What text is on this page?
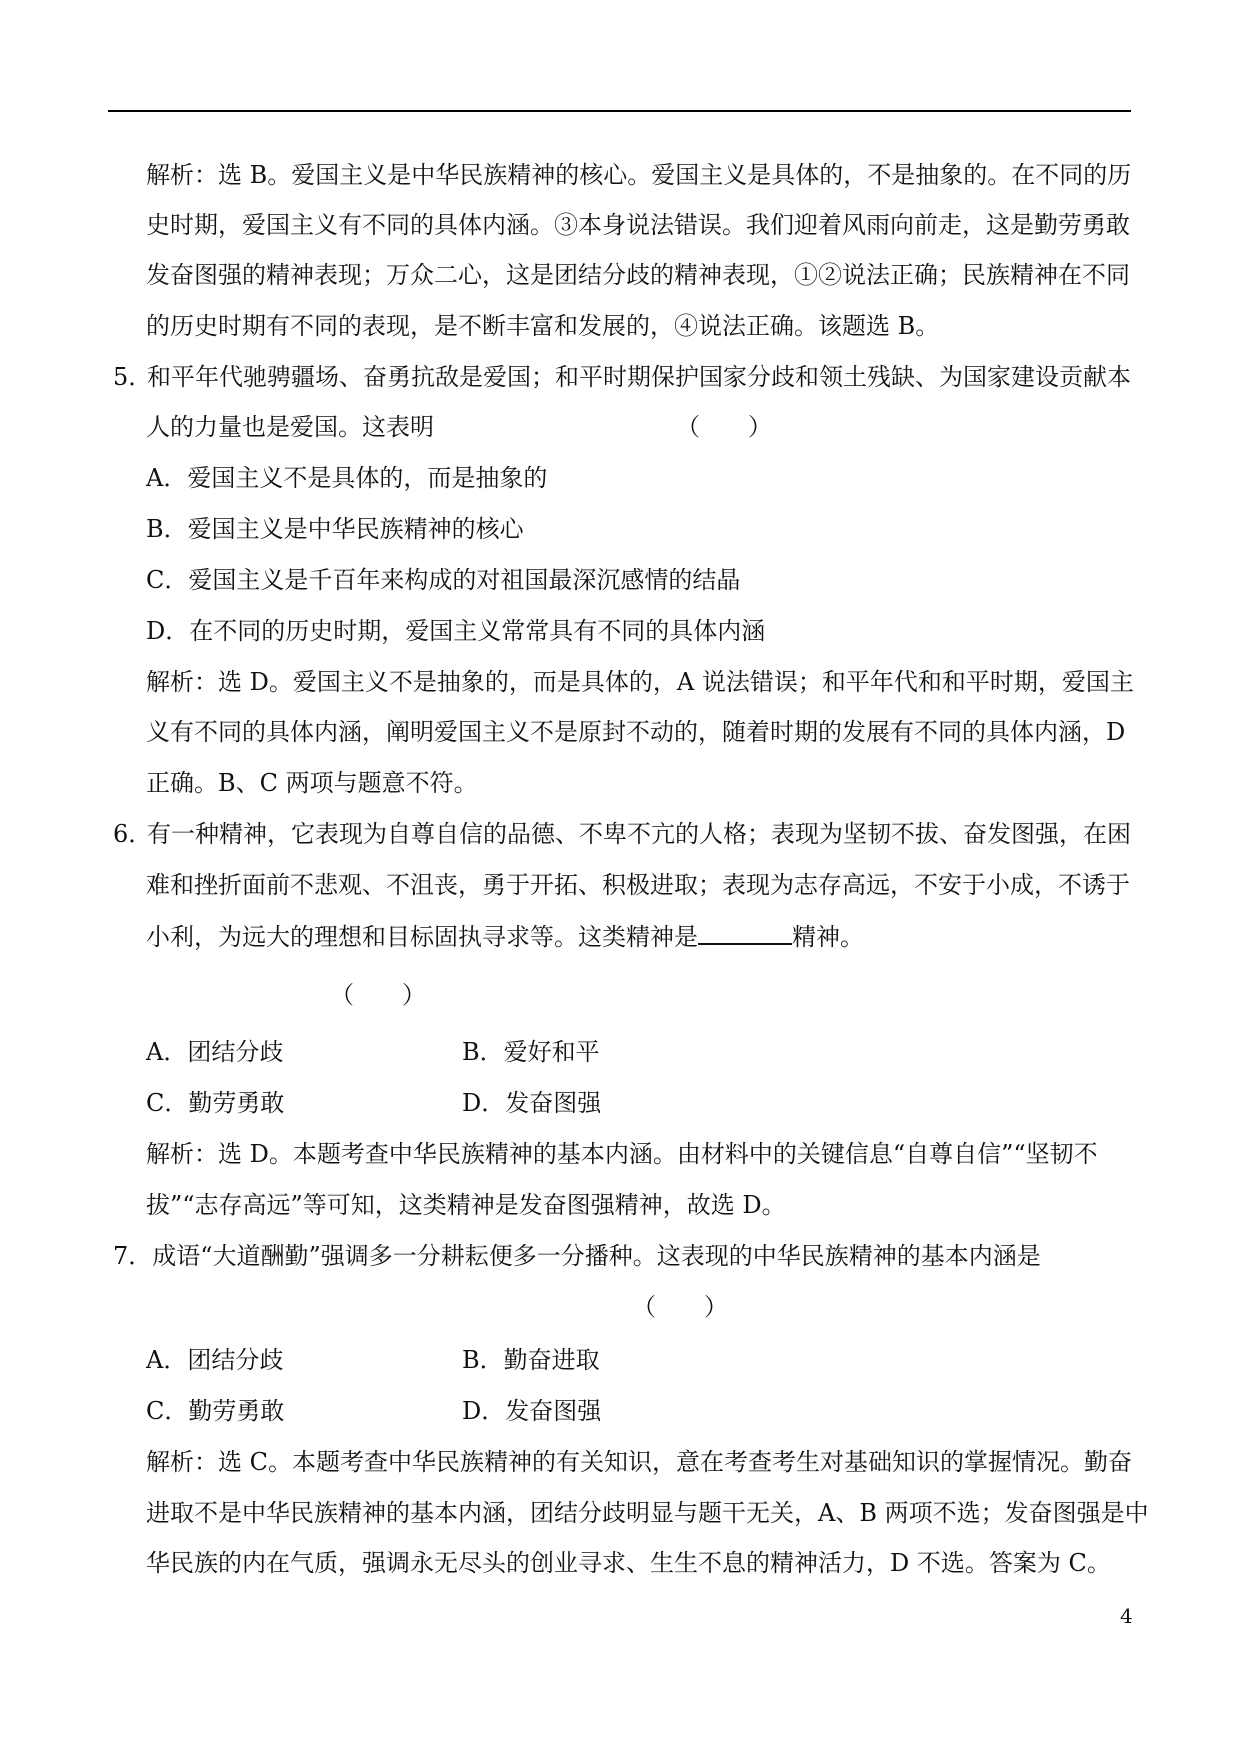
解析：选 B。爱国主义是中华民族精神的核心。爱国主义是具体的，不是抽象的。在不同的历
史时期，爱国主义有不同的具体内涵。③本身说法错误。我们迎着风雨向前走，这是勤劳勇敢
发奋图强的精神表现；万众二心，这是团结分歧的精神表现，①②说法正确；民族精神在不同
的历史时期有不同的表现，是不断丰富和发展的，④说法正确。该题选 B。
5．和平年代驰骋疆场、奋勇抗敌是爱国；和平时期保护国家分歧和领土残缺、为国家建设贡献本
人的力量也是爱国。这表明	（　　）
A．爱国主义不是具体的，而是抽象的
B．爱国主义是中华民族精神的核心
C．爱国主义是千百年来构成的对祖国最深沉感情的结晶
D．在不同的历史时期，爱国主义常常具有不同的具体内涵
解析：选 D。爱国主义不是抽象的，而是具体的，A 说法错误；和平年代和和平时期，爱国主
义有不同的具体内涵，阐明爱国主义不是原封不动的，随着时期的发展有不同的具体内涵，D
正确。B、C 两项与题意不符。
6．有一种精神，它表现为自尊自信的品德、不卑不亢的人格；表现为坚韧不拔、奋发图强，在困
难和挫折面前不悲观、不沮丧，勇于开拓、积极进取；表现为志存高远，不安于小成，不诱于
小利，为远大的理想和目标固执寻求等。这类精神是	精神。
（　　）
A．团结分歧	B．爱好和平
C．勤劳勇敢	D．发奋图强
解析：选 D。本题考查中华民族精神的基本内涵。由材料中的关键信息“自尊自信”“坚韧不
拔”“志存高远”等可知，这类精神是发奋图强精神，故选 D。
7．成语“大道酬勤”强调多一分耕耘便多一分播种。这表现的中华民族精神的基本内涵是
（　　）
A．团结分歧	B．勤奋进取
C．勤劳勇敢	D．发奋图强
解析：选 C。本题考查中华民族精神的有关知识，意在考查考生对基础知识的掌握情况。勤奋
进取不是中华民族精神的基本内涵，团结分歧明显与题干无关，A、B 两项不选；发奋图强是中
华民族的内在气质，强调永无尽头的创业寻求、生生不息的精神活力，D 不选。答案为 C。
4
